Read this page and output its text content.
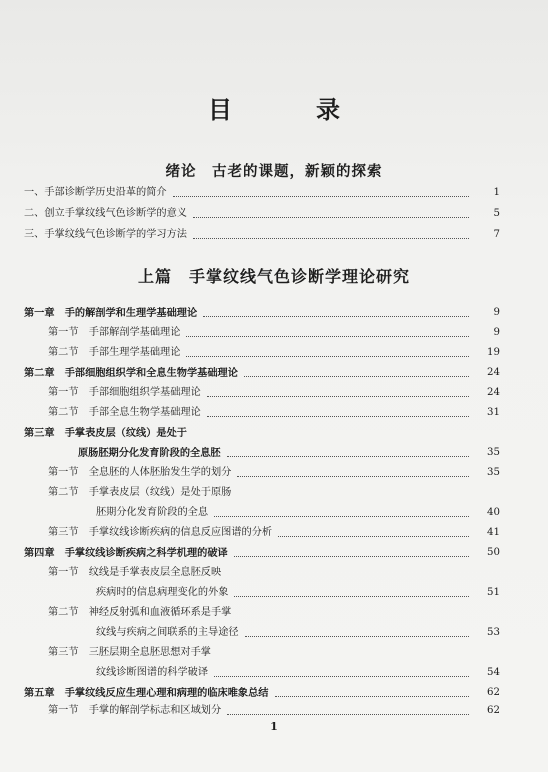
目　录
绪论　古老的课题，新颖的探索
一、手部诊断学历史沿革的简介	1
二、创立手掌纹线气色诊断学的意义	5
三、手掌纹线气色诊断学的学习方法	7
上篇　手掌纹线气色诊断学理论研究
第一章　手的解剖学和生理学基础理论	9
第一节　手部解剖学基础理论	9
第二节　手部生理学基础理论	19
第二章　手部细胞组织学和全息生物学基础理论	24
第一节　手部细胞组织学基础理论	24
第二节　手部全息生物学基础理论	31
第三章　手掌表皮层（纹线）是处于
原肠胚期分化发育阶段的全息胚	35
第一节　全息胚的人体胚胎发生学的划分	35
第二节　手掌表皮层（纹线）是处于原肠
胚期分化发育阶段的全息	40
第三节　手掌纹线诊断疾病的信息反应图谱的分析	41
第四章　手掌纹线诊断疾病之科学机理的破译	50
第一节　纹线是手掌表皮层全息胚反映
疾病时的信息病理变化的外象	51
第二节　神经反射弧和血液循环系是手掌
纹线与疾病之间联系的主导途径	53
第三节　三胚层期全息胚思想对手掌
纹线诊断图谱的科学破译	54
第五章　手掌纹线反应生理心理和病理的临床唯象总结	62
第一节　手掌的解剖学标志和区域划分	62
1
